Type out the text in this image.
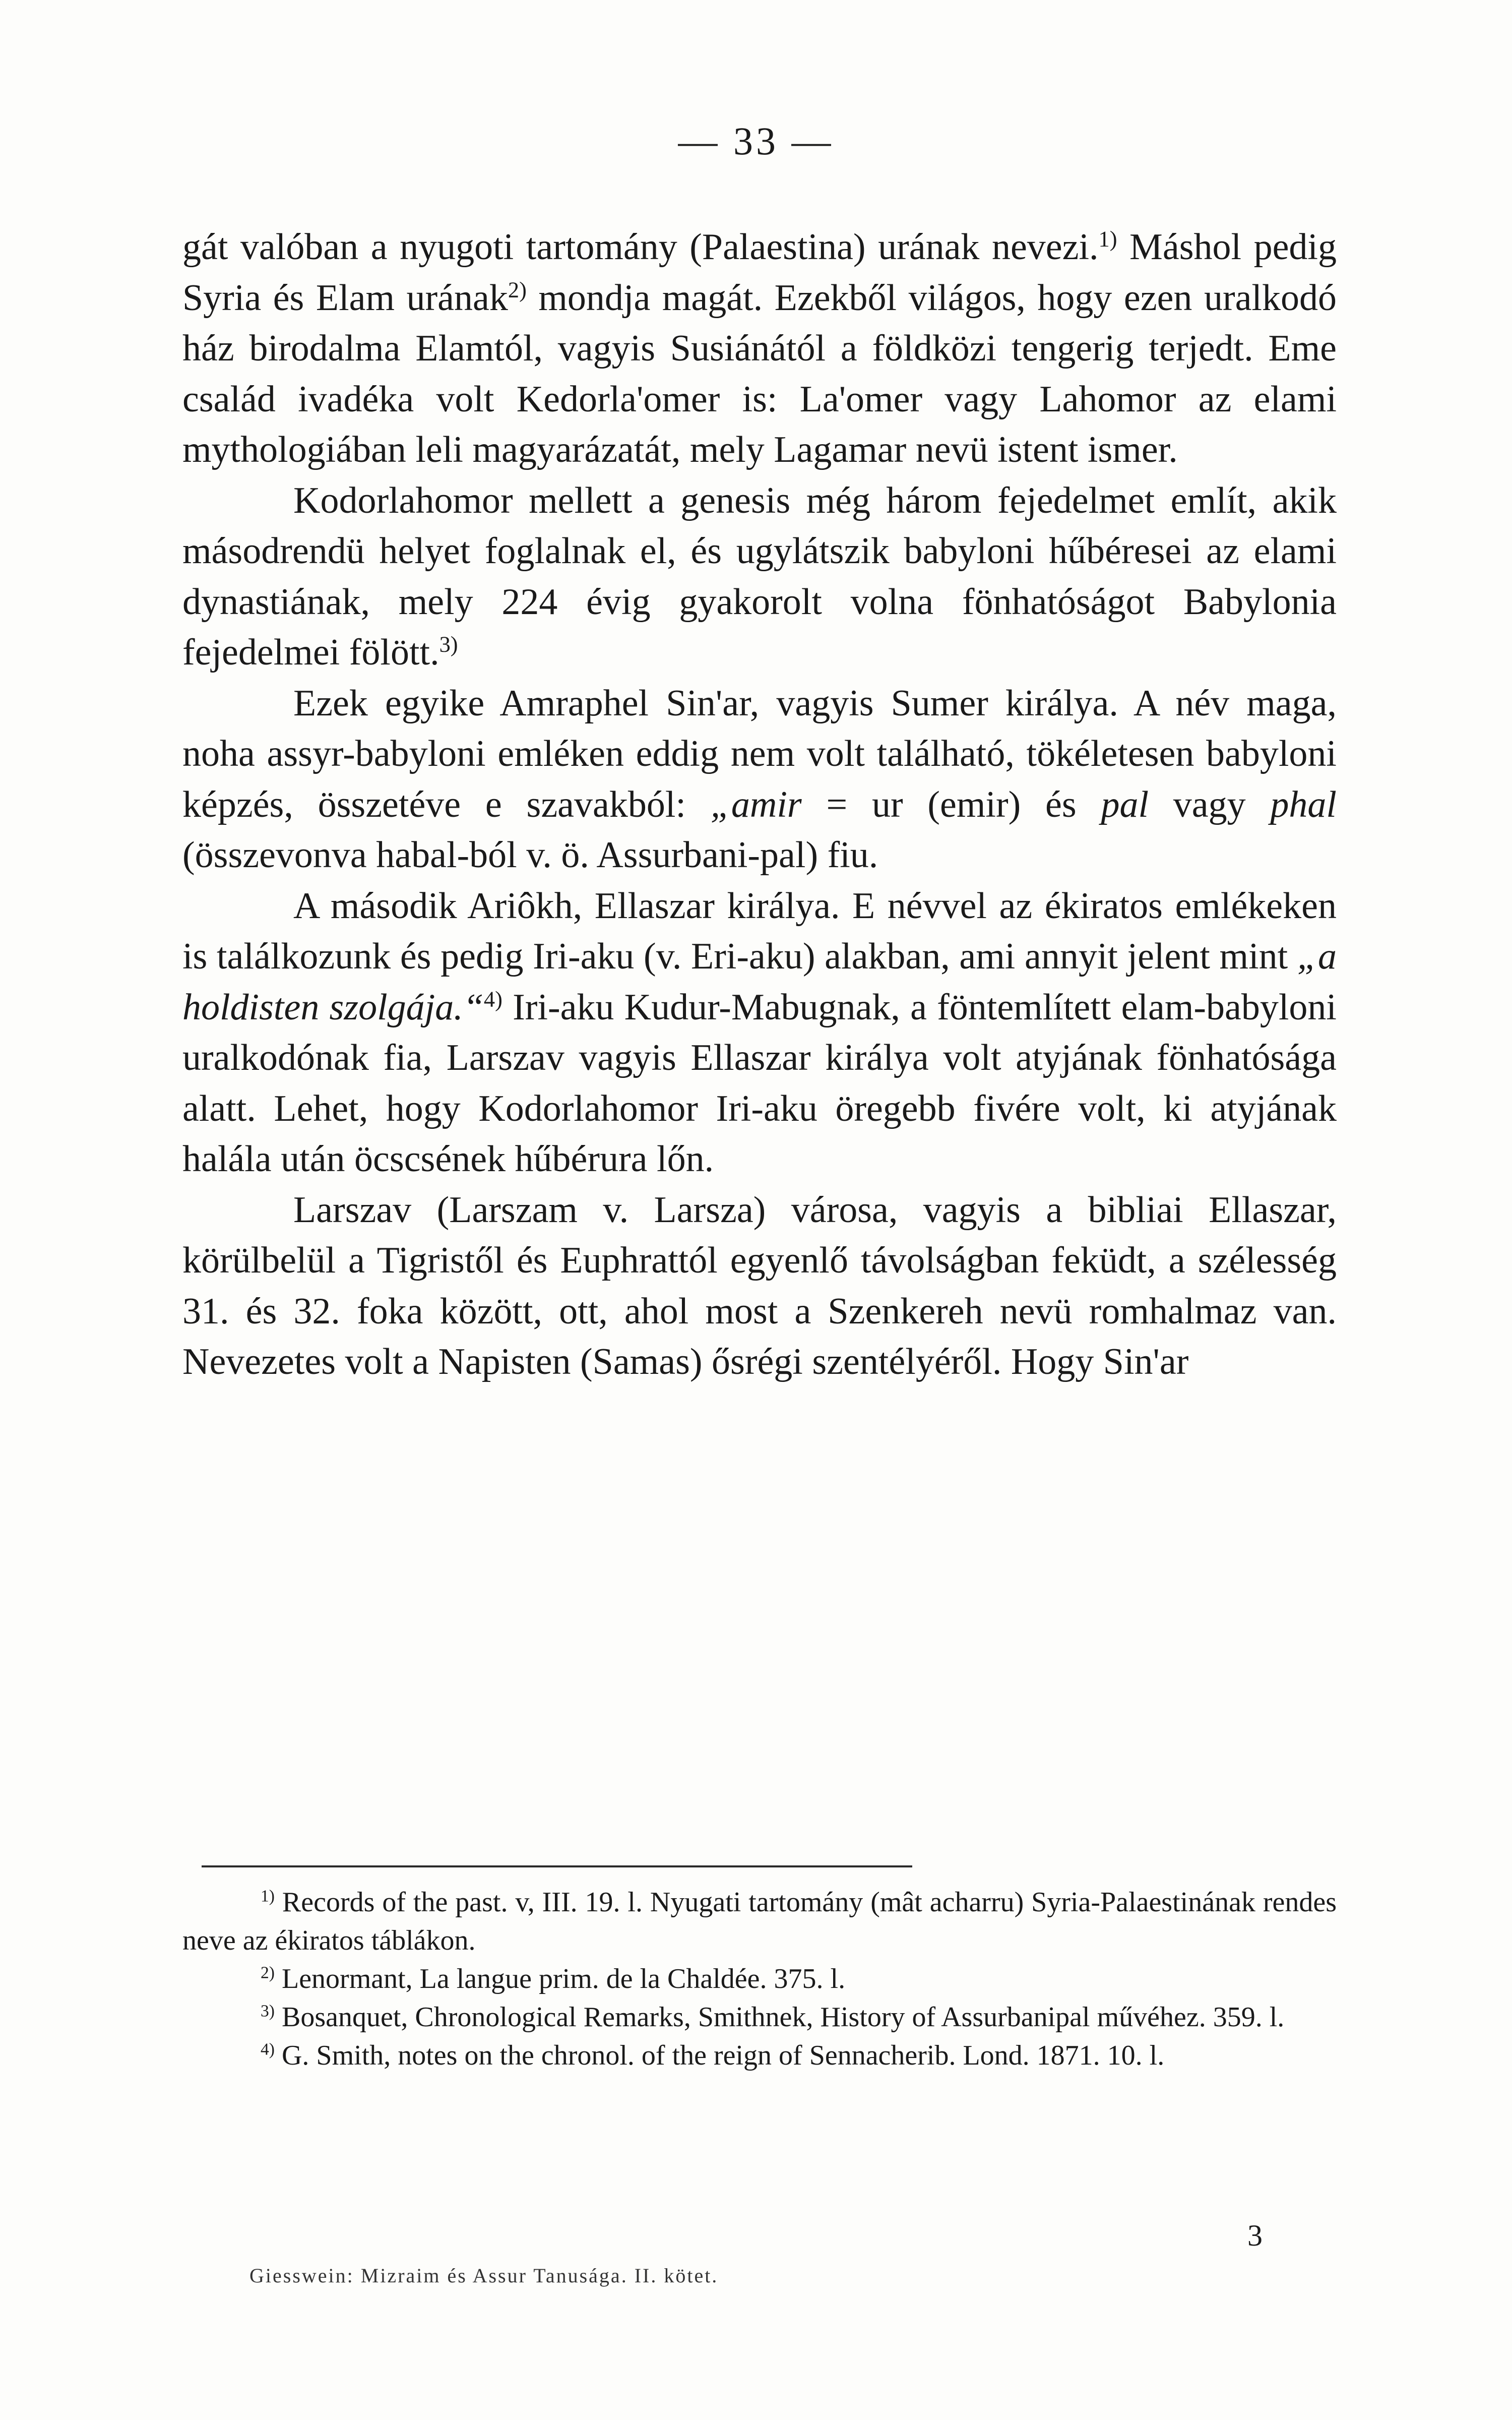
— 33 —

gát valóban a nyugoti tartomány (Palaestina) urának nevezi.$^{1)}$ Máshol pedig Syria és Elam urának$^{2)}$ mondja magát. Ezekből világos, hogy ezen uralkodó ház birodalma Elamtól, vagyis Susiánától a földközi tengerig terjedt. Eme család ivadéka volt Kedorla'omer is: La'omer vagy Lahomor az elami mythologiában leli magyarázatát, mely Lagamar nevü istent ismer.

Kodorlahomor mellett a genesis még három fejedelmet említ, akik másodrendü helyet foglalnak el, és ugylátszik babyloni hűbéresei az elami dynastiának, mely 224 évig gyakorolt volna fönhatóságot Babylonia fejedelmei fölött.$^{3)}$

Ezek egyike Amraphel Sin'ar, vagyis Sumer királya. A név maga, noha assyr-babyloni emléken eddig nem volt található, tökéletesen babyloni képzés, összetéve e szavakból: „amir = ur (emir) és pal vagy phal (összevonva habal-ból v. ö. Assurbani-pal) fiu.

A második Ariôkh, Ellaszar királya. E névvel az ékiratos emlékeken is találkozunk és pedig Iri-aku (v. Eri-aku) alakban, ami annyit jelent mint „a holdisten szolgája.“$^{4)}$ Iri-aku Kudur-Mabugnak, a föntemlített elam-babyloni uralkodónak fia, Larszav vagyis Ellaszar királya volt atyjának fönhatósága alatt. Lehet, hogy Kodorlahomor Iri-aku öregebb fivére volt, ki atyjának halála után öcscsének hűbérura lőn.

Larszav (Larszam v. Larsza) városa, vagyis a bibliai Ellaszar, körülbelül a Tigristől és Euphrattól egyenlő távolságban feküdt, a szélesség 31. és 32. foka között, ott, ahol most a Szenkereh nevü romhalmaz van. Nevezetes volt a Napisten (Samas) ősrégi szentélyéről. Hogy Sin'ar

$^{1)}$ Records of the past. v, III. 19. l. Nyugati tartomány (mât acharru) Syria-Palaestinának rendes neve az ékiratos táblákon.

$^{2)}$ Lenormant, La langue prim. de la Chaldée. 375. l.

$^{3)}$ Bosanquet, Chronological Remarks, Smithnek, History of Assurbanipal művéhez. 359. l.

$^{4)}$ G. Smith, notes on the chronol. of the reign of Sennacherib. Lond. 1871. 10. l.

Giesswein: Mizraim és Assur Tanusága. II. kötet.
3
